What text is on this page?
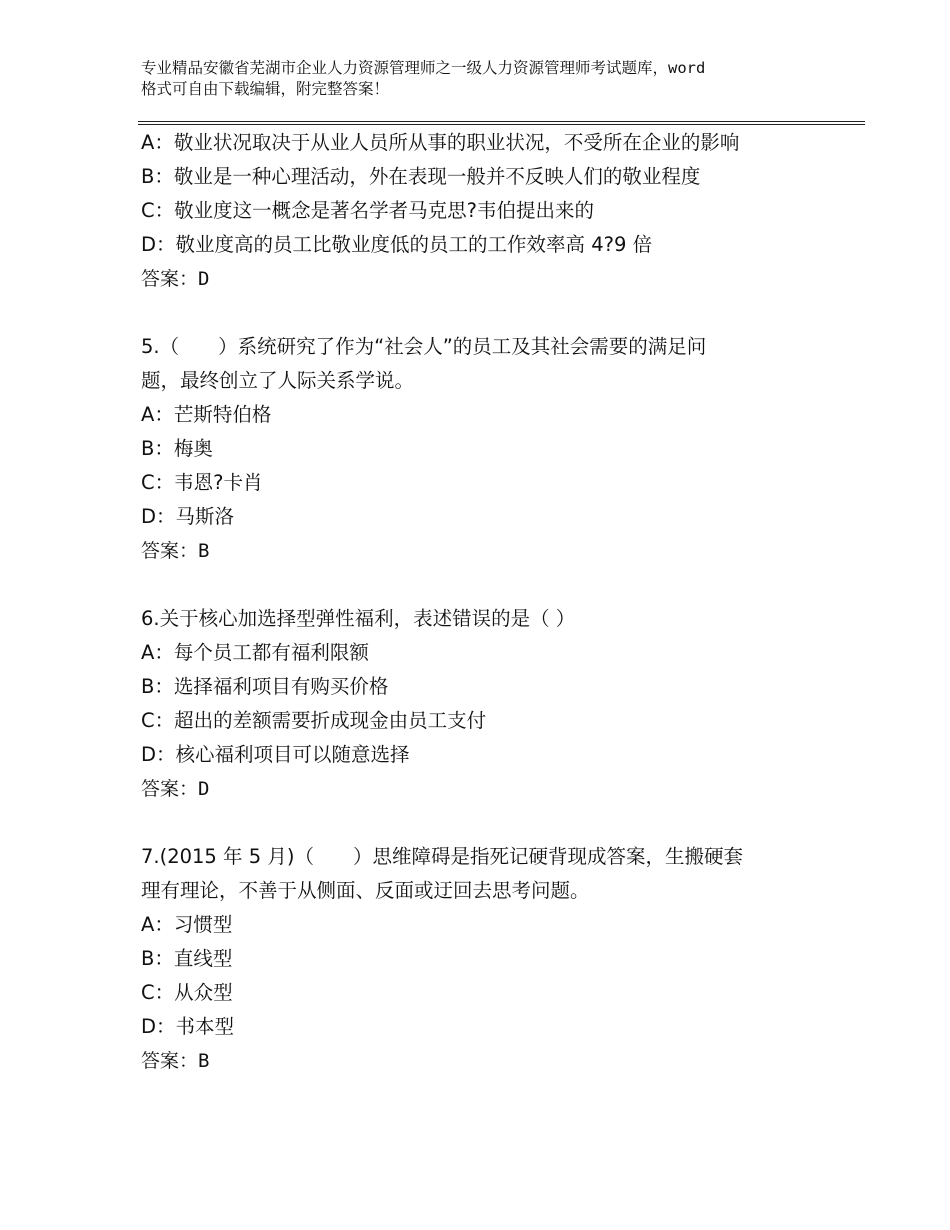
专业精品安徽省芜湖市企业人力资源管理师之一级人力资源管理师考试题库，word
格式可自由下载编辑，附完整答案！
A：敬业状况取决于从业人员所从事的职业状况，不受所在企业的影响
B：敬业是一种心理活动，外在表现一般并不反映人们的敬业程度
C：敬业度这一概念是著名学者马克思?韦伯提出来的
D：敬业度高的员工比敬业度低的员工的工作效率高 4?9 倍
答案：D
5.（　　）系统研究了作为“社会人”的员工及其社会需要的满足问
题，最终创立了人际关系学说。
A：芒斯特伯格
B：梅奥
C：韦恩?卡肖
D：马斯洛
答案：B
6.关于核心加选择型弹性福利，表述错误的是（ ）
A：每个员工都有福利限额
B：选择福利项目有购买价格
C：超出的差额需要折成现金由员工支付
D：核心福利项目可以随意选择
答案：D
7.(2015 年 5 月)（　　）思维障碍是指死记硬背现成答案，生搬硬套
理有理论，不善于从侧面、反面或迂回去思考问题。
A：习惯型
B：直线型
C：从众型
D：书本型
答案：B
